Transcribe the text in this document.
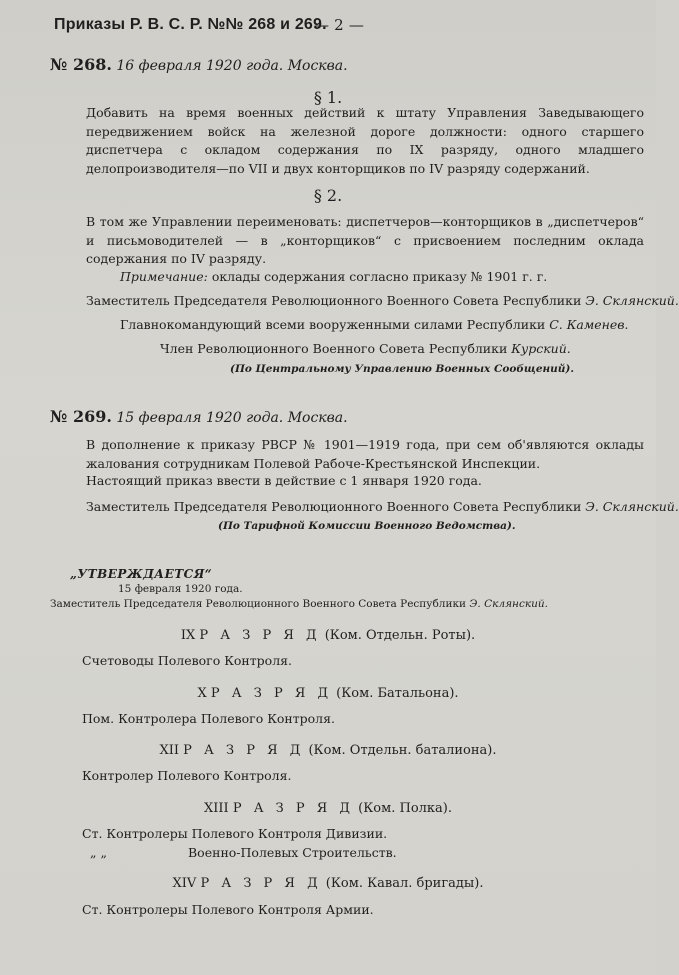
Приказы Р. В. С. Р. №№ 268 и 269.
— 2 —
№ 268. 16 февраля 1920 года. Москва.
§ 1.
Добавить на время военных действий к штату Управления Заведывающего передвижением войск на железной дороге должности: одного старшего диспетчера с окладом содержания по IX разряду, одного младшего делопроизводителя—по VII и двух конторщиков по IV разряду содержаний.
§ 2.
В том же Управлении переименовать: диспетчеров—конторщиков в „диспетчеров“ и письмоводителей — в „конторщиков“ с присвоением последним оклада содержания по IV разряду.
Примечание: оклады содержания согласно приказу № 1901 г. г.
Заместитель Председателя Революционного Военного Совета Республики Э. Склянский.
Главнокомандующий всеми вооруженными силами Республики С. Каменев.
Член Революционного Военного Совета Республики Курский.
(По Центральному Управлению Военных Сообщений).
№ 269. 15 февраля 1920 года. Москва.
В дополнение к приказу РВСР № 1901—1919 года, при сем об'являются оклады жалования сотрудникам Полевой Рабоче-Крестьянской Инспекции.
Настоящий приказ ввести в действие с 1 января 1920 года.
Заместитель Председателя Революционного Военного Совета Республики Э. Склянский.
(По Тарифной Комиссии Военного Ведомства).
„УТВЕРЖДАЕТСЯ“
15 февраля 1920 года.
Заместитель Председателя Революционного Военного Совета Республики Э. Склянский.
IX Р А З Р Я Д (Ком. Отдельн. Роты).
Счетоводы Полевого Контроля.
X Р А З Р Я Д (Ком. Батальона).
Пом. Контролера Полевого Контроля.
XII Р А З Р Я Д (Ком. Отдельн. баталиона).
Контролер Полевого Контроля.
XIII Р А З Р Я Д (Ком. Полка).
Ст. Контролеры Полевого Контроля Дивизии.
„ „	Военно-Полевых Строительств.
XIV Р А З Р Я Д (Ком. Кавал. бригады).
Ст. Контролеры Полевого Контроля Армии.
